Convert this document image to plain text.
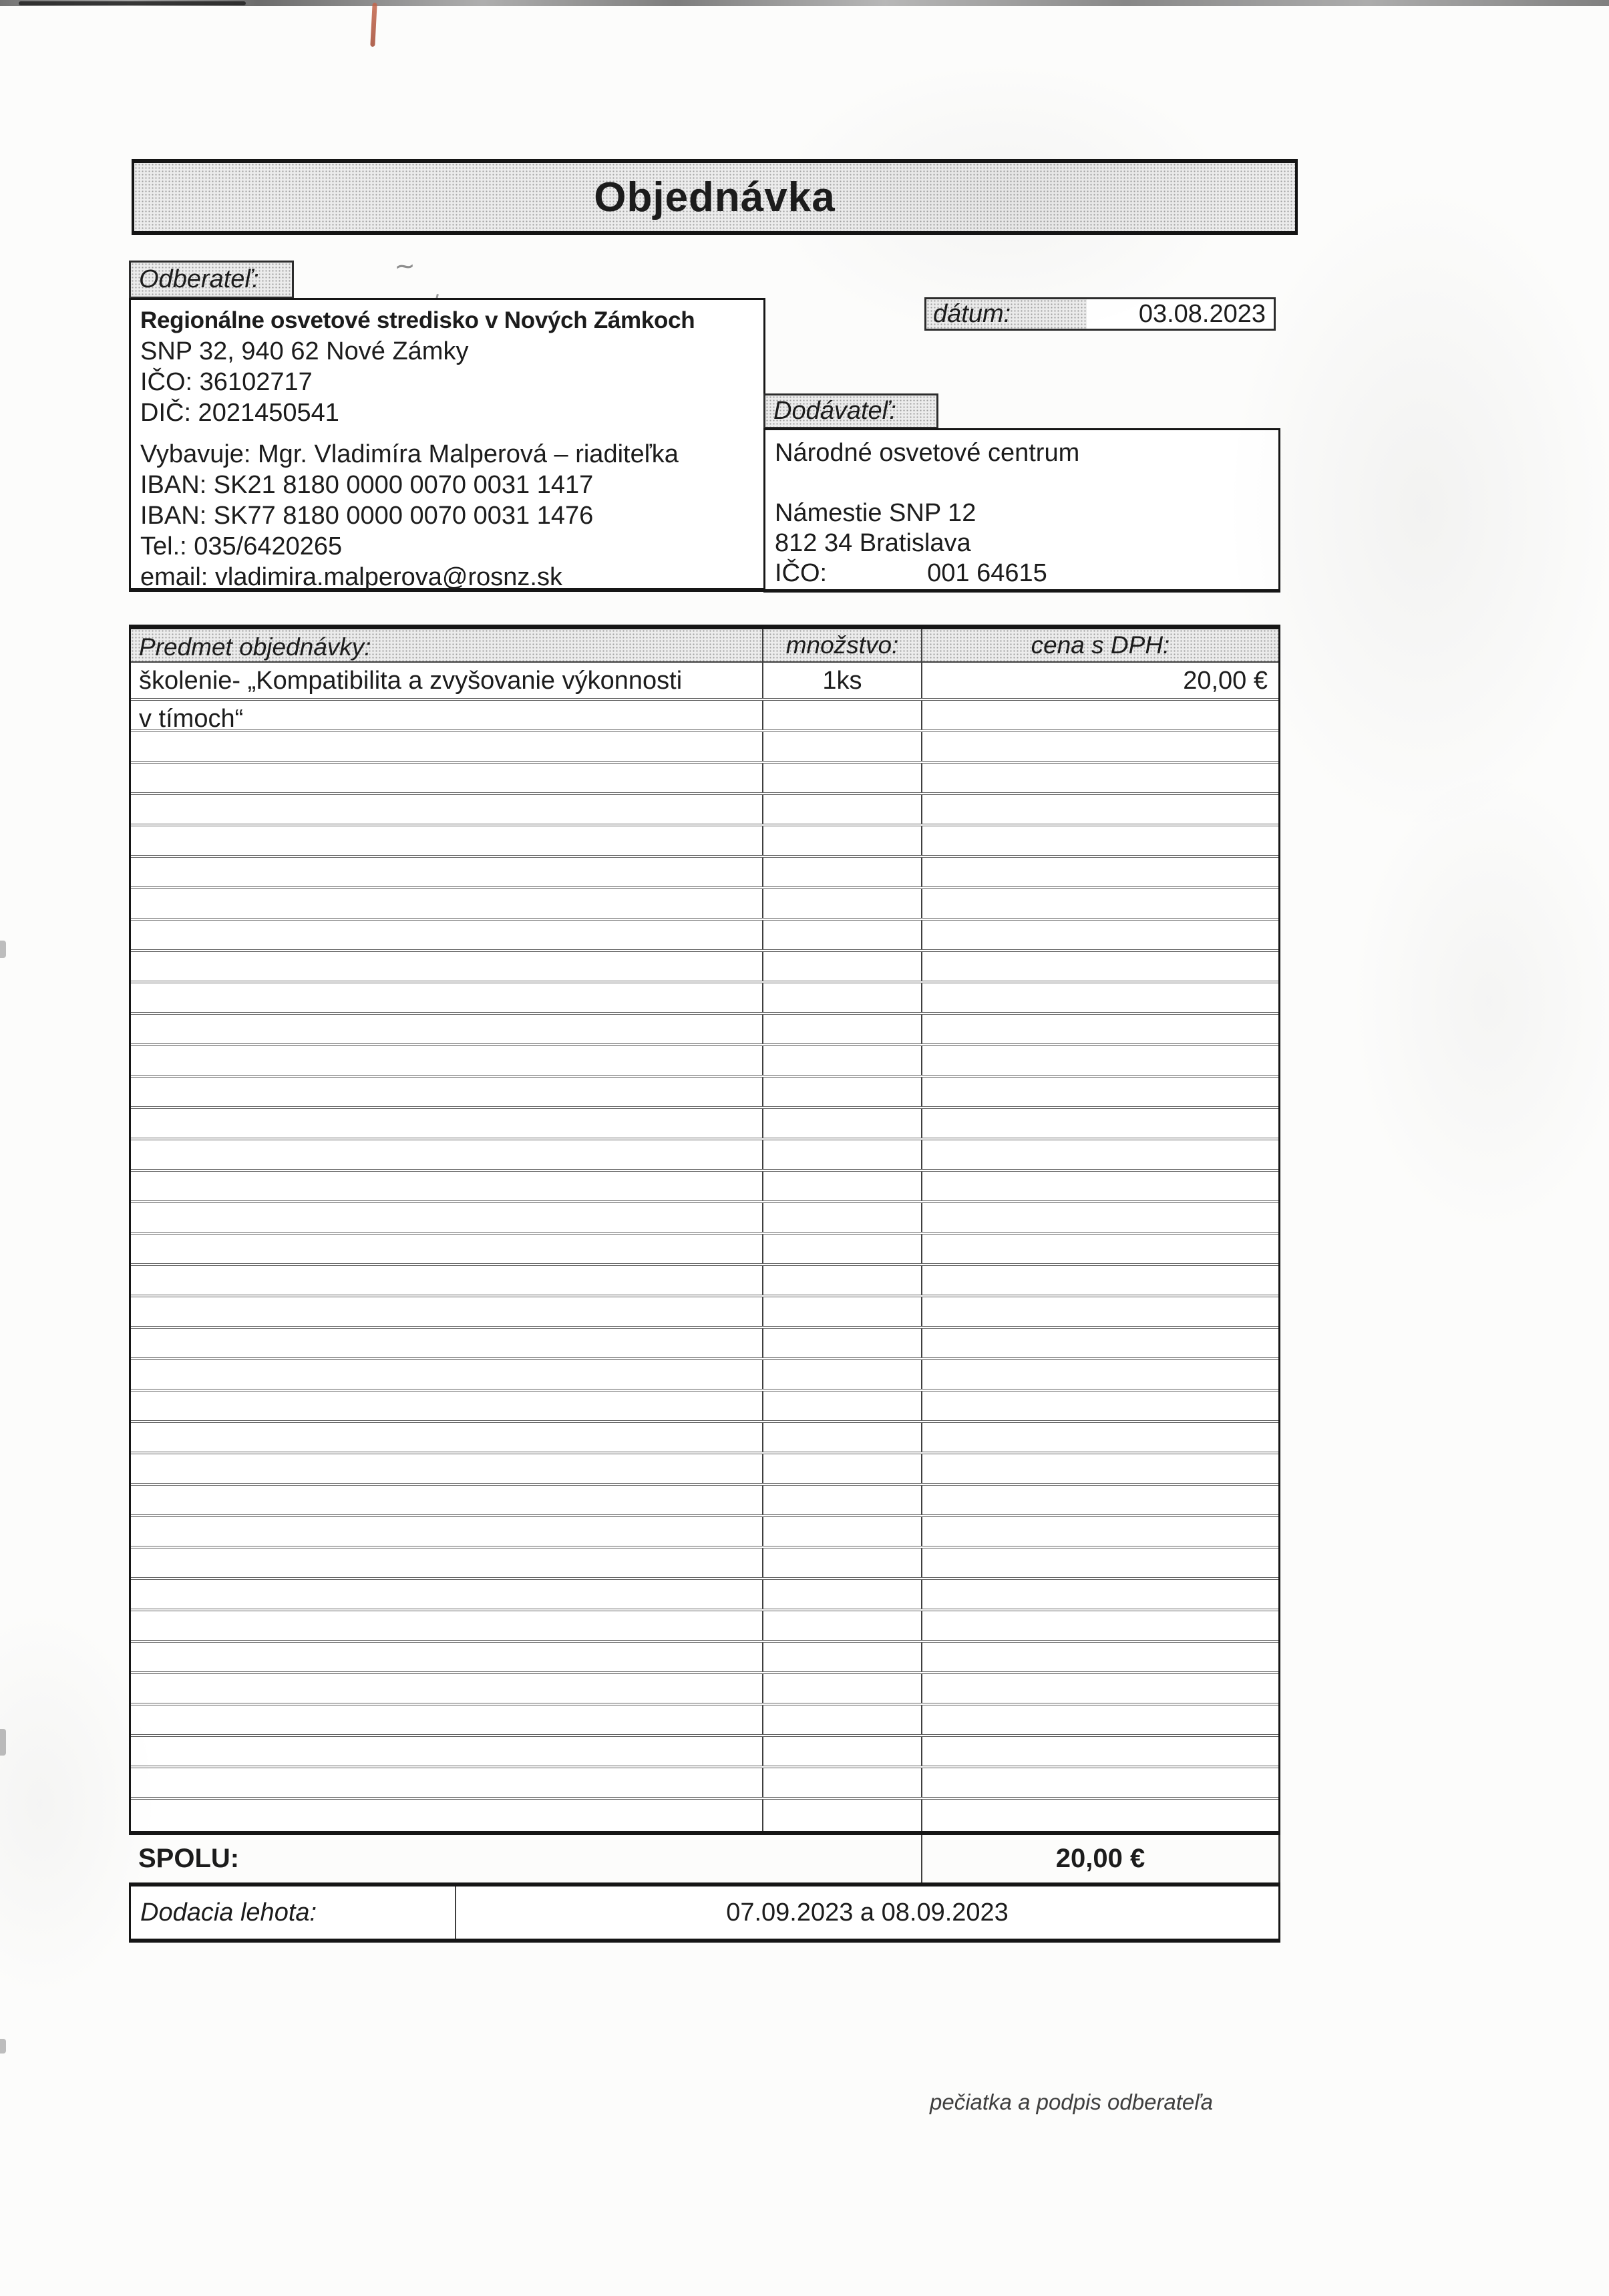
~
Objednávka
Odberateľ:
Regionálne osvetové stredisko v Nových Zámkoch
SNP 32, 940 62 Nové Zámky
IČO: 36102717
DIČ: 2021450541
Vybavuje: Mgr. Vladimíra Malperová – riaditeľka
IBAN: SK21 8180 0000 0070 0031 1417
IBAN: SK77 8180 0000 0070 0031 1476
Tel.: 035/6420265
email: vladimira.malperova@rosnz.sk
dátum:	03.08.2023
Dodávateľ:
Národné osvetové centrum
Námestie SNP 12
812 34 Bratislava
IČO:	001 64615
Predmet objednávky:	množstvo:	cena s DPH:
školenie- „Kompatibilita a zvyšovanie výkonnosti	1ks	20,00 €
v tímoch“
SPOLU:	20,00 €
Dodacia lehota:	07.09.2023 a 08.09.2023
pečiatka a podpis odberateľa
